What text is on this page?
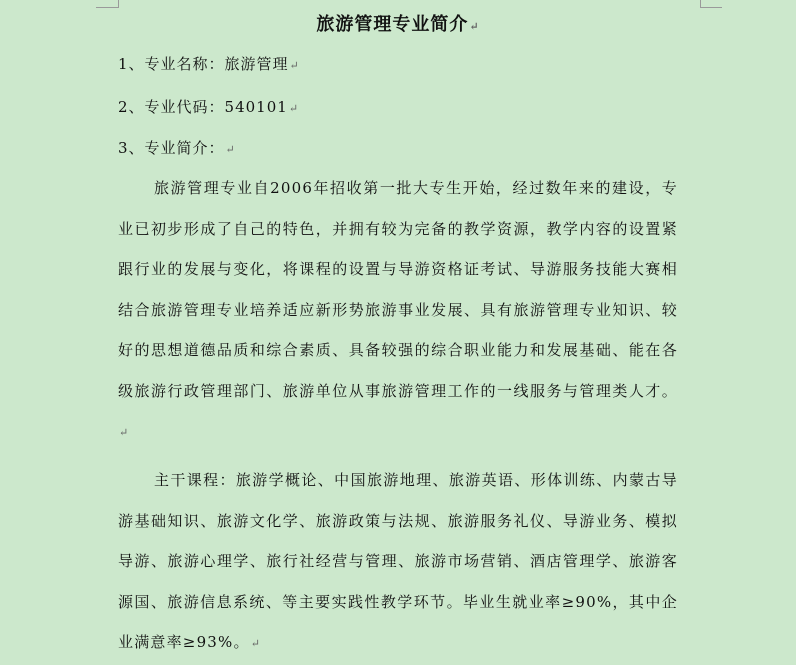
旅游管理专业简介↵
1、专业名称：旅游管理↵
2、专业代码：540101↵
3、专业简介：↵

旅游管理专业自2006年招收第一批大专生开始，经过数年来的建设，专业已初步形成了自己的特色，并拥有较为完备的教学资源，教学内容的设置紧跟行业的发展与变化，将课程的设置与导游资格证考试、导游服务技能大赛相结合旅游管理专业培养适应新形势旅游事业发展、具有旅游管理专业知识、较好的思想道德品质和综合素质、具备较强的综合职业能力和发展基础、能在各级旅游行政管理部门、旅游单位从事旅游管理工作的一线服务与管理类人才。↵

主干课程：旅游学概论、中国旅游地理、旅游英语、形体训练、内蒙古导游基础知识、旅游文化学、旅游政策与法规、旅游服务礼仪、导游业务、模拟导游、旅游心理学、旅行社经营与管理、旅游市场营销、酒店管理学、旅游客源国、旅游信息系统、等主要实践性教学环节。毕业生就业率≥90%，其中企业满意率≥93%。↵
